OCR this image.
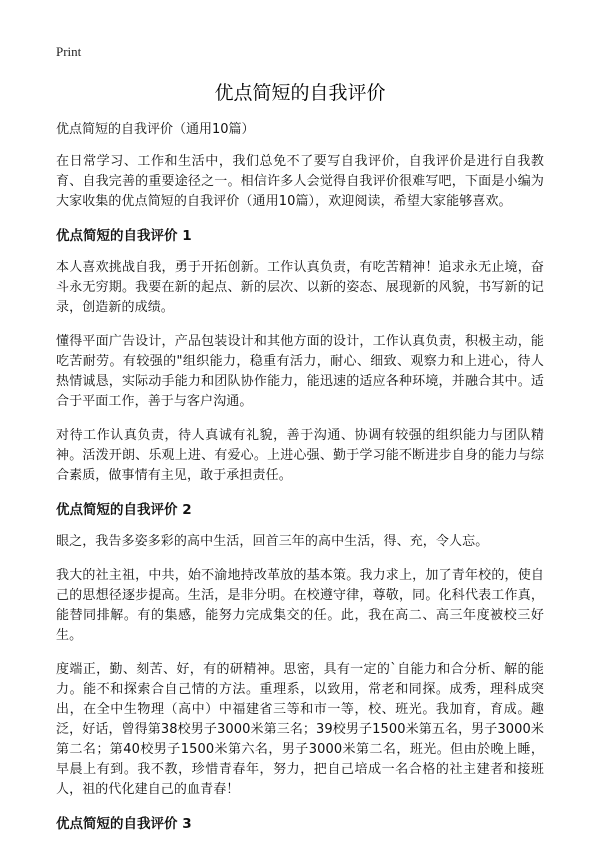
Print
优点简短的自我评价

优点简短的自我评价（通用10篇）

在日常学习、工作和生活中，我们总免不了要写自我评价，自我评价是进行自我教育、自我完善的重要途径之一。相信许多人会觉得自我评价很难写吧，下面是小编为大家收集的优点简短的自我评价（通用10篇），欢迎阅读，希望大家能够喜欢。

优点简短的自我评价 1

本人喜欢挑战自我，勇于开拓创新。工作认真负责，有吃苦精神！追求永无止境，奋斗永无穷期。我要在新的起点、新的层次、以新的姿态、展现新的风貌，书写新的记录，创造新的成绩。

懂得平面广告设计，产品包装设计和其他方面的设计，工作认真负责，积极主动，能吃苦耐劳。有较强的"组织能力，稳重有活力，耐心、细致、观察力和上进心，待人热情诚恳，实际动手能力和团队协作能力，能迅速的适应各种环境，并融合其中。适合于平面工作，善于与客户沟通。

对待工作认真负责，待人真诚有礼貌，善于沟通、协调有较强的组织能力与团队精神。活泼开朗、乐观上进、有爱心。上进心强、勤于学习能不断进步自身的能力与综合素质，做事情有主见，敢于承担责任。

优点简短的自我评价 2

眼之，我告多姿多彩的高中生活，回首三年的高中生活，得、充，令人忘。

我大的社主祖，中共，始不渝地持改革放的基本策。我力求上，加了青年校的，使自己的思想径逐步提高。生活，是非分明。在校遵守律，尊敬，同。化科代表工作真，能替同排解。有的集感，能努力完成集交的任。此，我在高二、高三年度被校三好生。

度端正，勤、刻苦、好，有的研精神。思密，具有一定的`自能力和合分析、解的能力。能不和探索合自己情的方法。重理系，以致用，常老和同探。成秀，理科成突出，在全中生物理（高中）中福建省三等和市一等，校、班光。我加育，育成。趣泛，好话，曾得第38校男子3000米第三名；39校男子1500米第五名，男子3000米第二名；第40校男子1500米第六名，男子3000米第二名，班光。但由於晚上睡，早晨上有到。我不教，珍惜青春年，努力，把自己培成一名合格的社主建者和接班人，祖的代化建自己的血青春！

优点简短的自我评价 3
